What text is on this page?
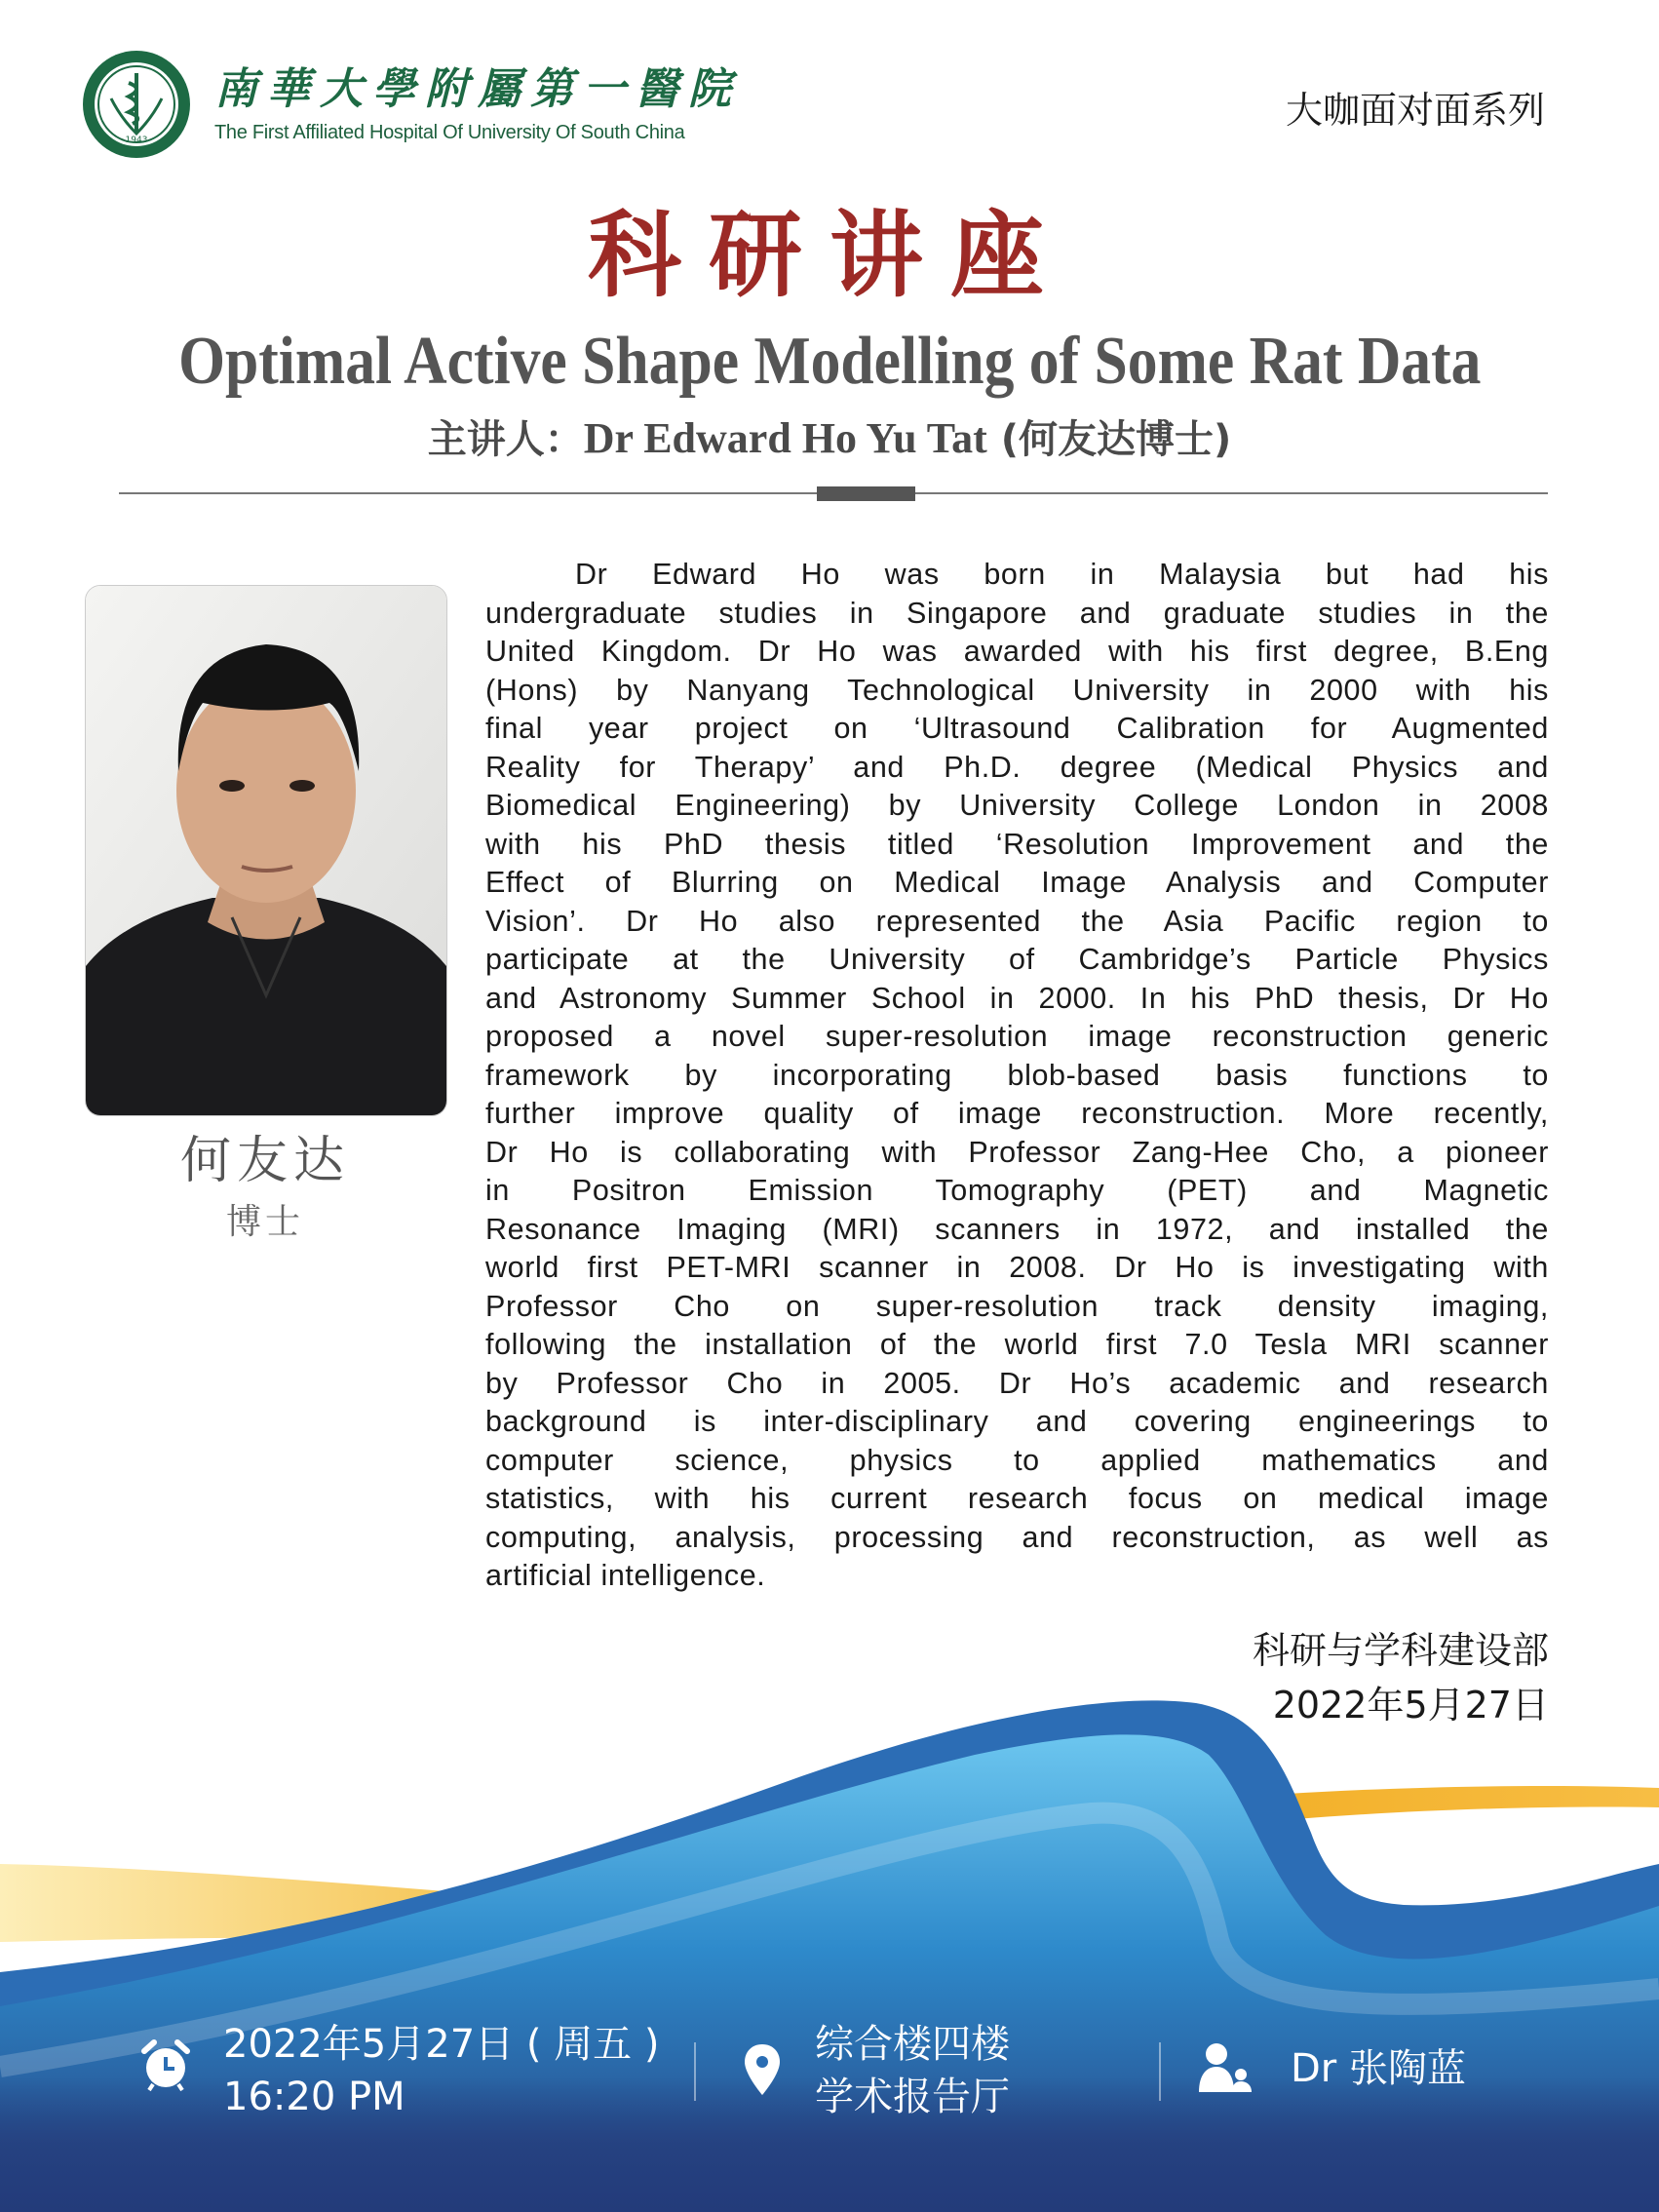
1943
南華大學附屬第一醫院
The First Affiliated Hospital Of University Of South China
大咖面对面系列
科研讲座
Optimal Active Shape Modelling of Some Rat Data
主讲人：Dr Edward Ho Yu Tat (何友达博士)
何友达
博士
Dr Edward Ho was born in Malaysia but had his
undergraduate studies in Singapore and graduate studies in the
United Kingdom. Dr Ho was awarded with his first degree, B.Eng
(Hons) by Nanyang Technological University in 2000 with his
final year project on ‘Ultrasound Calibration for Augmented
Reality for Therapy’ and Ph.D. degree (Medical Physics and
Biomedical Engineering) by University College London in 2008
with his PhD thesis titled ‘Resolution Improvement and the
Effect of Blurring on Medical Image Analysis and Computer
Vision’. Dr Ho also represented the Asia Pacific region to
participate at the University of Cambridge’s Particle Physics
and Astronomy Summer School in 2000. In his PhD thesis, Dr Ho
proposed a novel super-resolution image reconstruction generic
framework by incorporating blob-based basis functions to
further improve quality of image reconstruction. More recently,
Dr Ho is collaborating with Professor Zang-Hee Cho, a pioneer
in Positron Emission Tomography (PET) and Magnetic
Resonance Imaging (MRI) scanners in 1972, and installed the
world first PET-MRI scanner in 2008. Dr Ho is investigating with
Professor Cho on super-resolution track density imaging,
following the installation of the world first 7.0 Tesla MRI scanner
by Professor Cho in 2005. Dr Ho’s academic and research
background is inter-disciplinary and covering engineerings to
computer science, physics to applied mathematics and
statistics, with his current research focus on medical image
computing, analysis, processing and reconstruction, as well as
artificial intelligence.
科研与学科建设部
2022年5月27日
2022年5月27日 ( 周五 )
16:20 PM
综合楼四楼
学术报告厅
Dr 张陶蓝
